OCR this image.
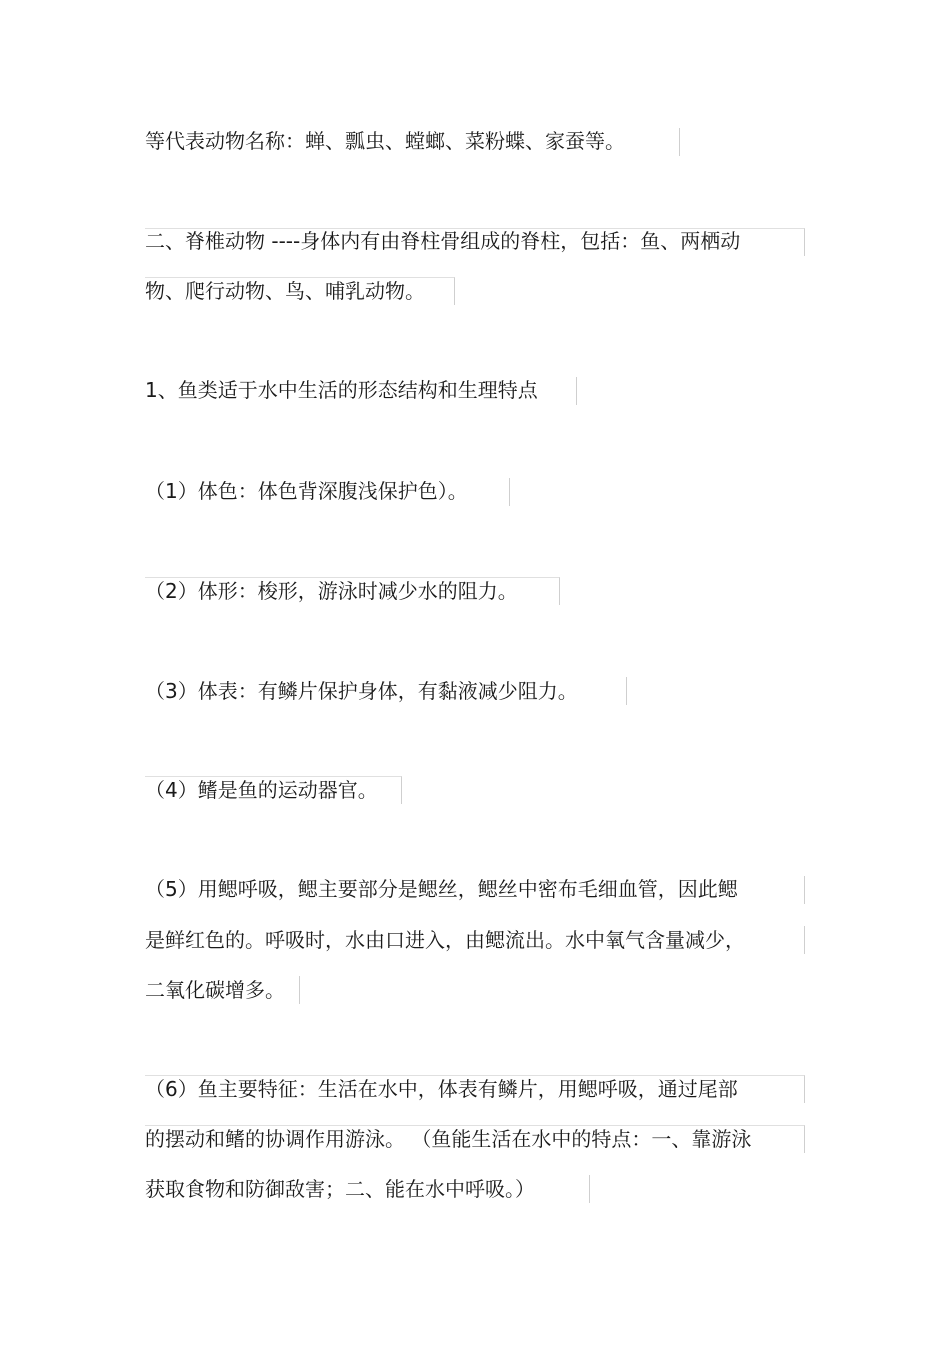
等代表动物名称：蝉、瓢虫、螳螂、菜粉蝶、家蚕等。
二、脊椎动物 ----身体内有由脊柱骨组成的脊柱，包括：鱼、两栖动
物、爬行动物、鸟、哺乳动物。
1、鱼类适于水中生活的形态结构和生理特点
（1）体色：体色背深腹浅保护色）。
（2）体形：梭形，游泳时减少水的阻力。
（3）体表：有鳞片保护身体，有黏液减少阻力。
（4）鳍是鱼的运动器官。
（5）用鳃呼吸，鳃主要部分是鳃丝，鳃丝中密布毛细血管，因此鳃
是鲜红色的。呼吸时，水由口进入，由鳃流出。水中氧气含量减少，
二氧化碳增多。
（6）鱼主要特征：生活在水中，体表有鳞片，用鳃呼吸，通过尾部
的摆动和鳍的协调作用游泳。 （鱼能生活在水中的特点：一、靠游泳
获取食物和防御敌害；二、能在水中呼吸。）
